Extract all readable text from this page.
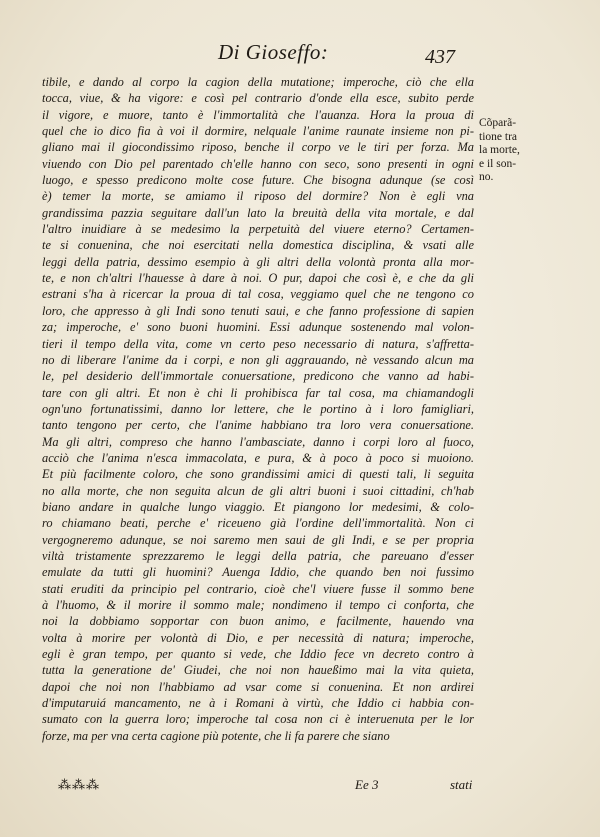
Di Gioseffo:	437
tibile, e dando al corpo la cagion della mutatione; imperoche, ciò che ella
tocca, viue, & ha vigore: e così pel contrario d'onde ella esce, subito perde
il vigore, e muore, tanto è l'immortalità che l'auanza. Hora la proua di
quel che io dico fia à voi il dormire, nelquale l'anime raunate insieme non pi-
gliano mai il giocondissimo riposo, benche il corpo ve le tiri per forza. Ma
viuendo con Dio pel parentado ch'elle hanno con seco, sono presenti in ogni
luogo, e spesso predicono molte cose future. Che bisogna adunque (se così
è) temer la morte, se amiamo il riposo del dormire? Non è egli vna
grandissima pazzia seguitare dall'un lato la breuità della vita mortale, e dal
l'altro inuidiare à se medesimo la perpetuità del viuere eterno? Certamen-
te si conuenina, che noi esercitati nella domestica disciplina, & vsati alle
leggi della patria, dessimo esempio à gli altri della volontà pronta alla mor-
te, e non ch'altri l'hauesse à dare à noi. O pur, dapoi che così è, e che da gli
estrani s'ha à ricercar la proua di tal cosa, veggiamo quel che ne tengono co
loro, che appresso à gli Indi sono tenuti saui, e che fanno professione di sapien
za; imperoche, e' sono buoni huomini. Essi adunque sostenendo mal volon-
tieri il tempo della vita, come vn certo peso necessario di natura, s'affretta-
no di liberare l'anime da i corpi, e non gli aggrauando, nè vessando alcun ma
le, pel desiderio dell'immortale conuersatione, predicono che vanno ad habi-
tare con gli altri. Et non è chi li prohibisca far tal cosa, ma chiamandogli
ogn'uno fortunatissimi, danno lor lettere, che le portino à i loro famigliari,
tanto tengono per certo, che l'anime habbiano tra loro vera conuersatione.
Ma gli altri, compreso che hanno l'ambasciate, danno i corpi loro al fuoco,
acciò che l'anima n'esca immacolata, e pura, & à poco à poco si muoiono.
Et più facilmente coloro, che sono grandissimi amici di questi tali, li seguita
no alla morte, che non seguita alcun de gli altri buoni i suoi cittadini, ch'hab
biano andare in qualche lungo viaggio. Et piangono lor medesimi, & colo-
ro chiamano beati, perche e' riceueno già l'ordine dell'immortalità. Non ci
vergogneremo adunque, se noi saremo men saui de gli Indi, e se per propria
viltà tristamente sprezzaremo le leggi della patria, che pareuano d'esser
emulate da tutti gli huomini? Auenga Iddio, che quando ben noi fussimo
stati eruditi da principio pel contrario, cioè che'l viuere fusse il sommo bene
à l'huomo, & il morire il sommo male; nondimeno il tempo ci conforta, che
noi la dobbiamo sopportar con buon animo, e facilmente, hauendo vna
volta à morire per volontà di Dio, e per necessità di natura; imperoche,
egli è gran tempo, per quanto si vede, che Iddio fece vn decreto contro à
tutta la generatione de' Giudei, che noi non haueßimo mai la vita quieta,
dapoi che noi non l'habbiamo ad vsar come si conuenina. Et non ardirei
d'imputaruiá mancamento, ne à i Romani à virtù, che Iddio ci habbia con-
sumato con la guerra loro; imperoche tal cosa non ci è interuenuta per le lor
forze, ma per vna certa cagione più potente, che li fa parere che siano
Cõparã-
tione tra
la morte,
e il son-
no.
⁂⁂⁂	Ee 3	stati
